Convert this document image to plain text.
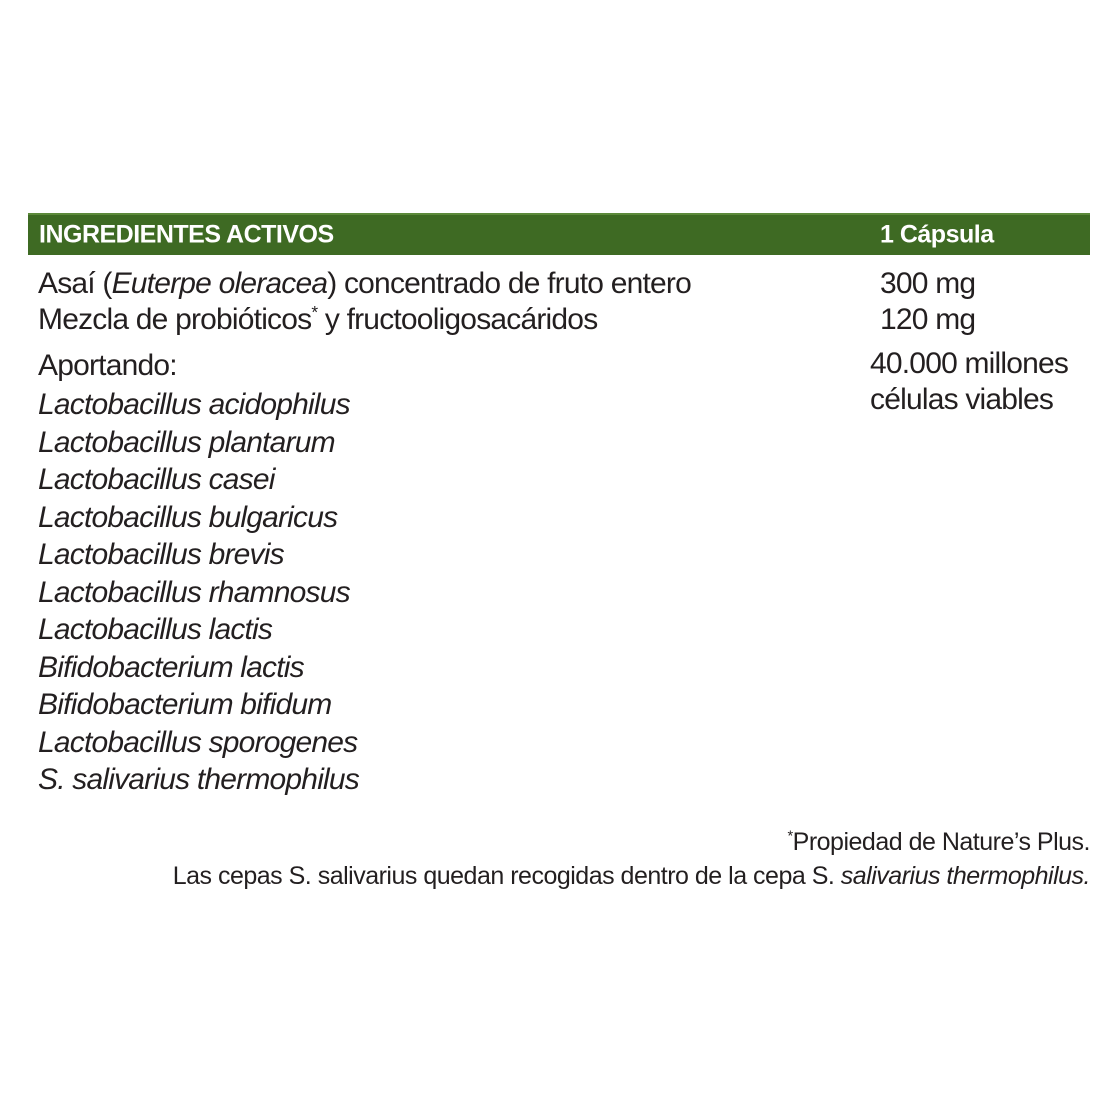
INGREDIENTES ACTIVOS	1 Cápsula
Asaí (Euterpe oleracea) concentrado de fruto entero	300 mg
Mezcla de probióticos* y fructooligosacáridos	120 mg
Aportando:	40.000 millones
células viables
Lactobacillus acidophilus
Lactobacillus plantarum
Lactobacillus casei
Lactobacillus bulgaricus
Lactobacillus brevis
Lactobacillus rhamnosus
Lactobacillus lactis
Bifidobacterium lactis
Bifidobacterium bifidum
Lactobacillus sporogenes
S. salivarius thermophilus
*Propiedad de Nature’s Plus.
Las cepas S. salivarius quedan recogidas dentro de la cepa S. salivarius thermophilus.
